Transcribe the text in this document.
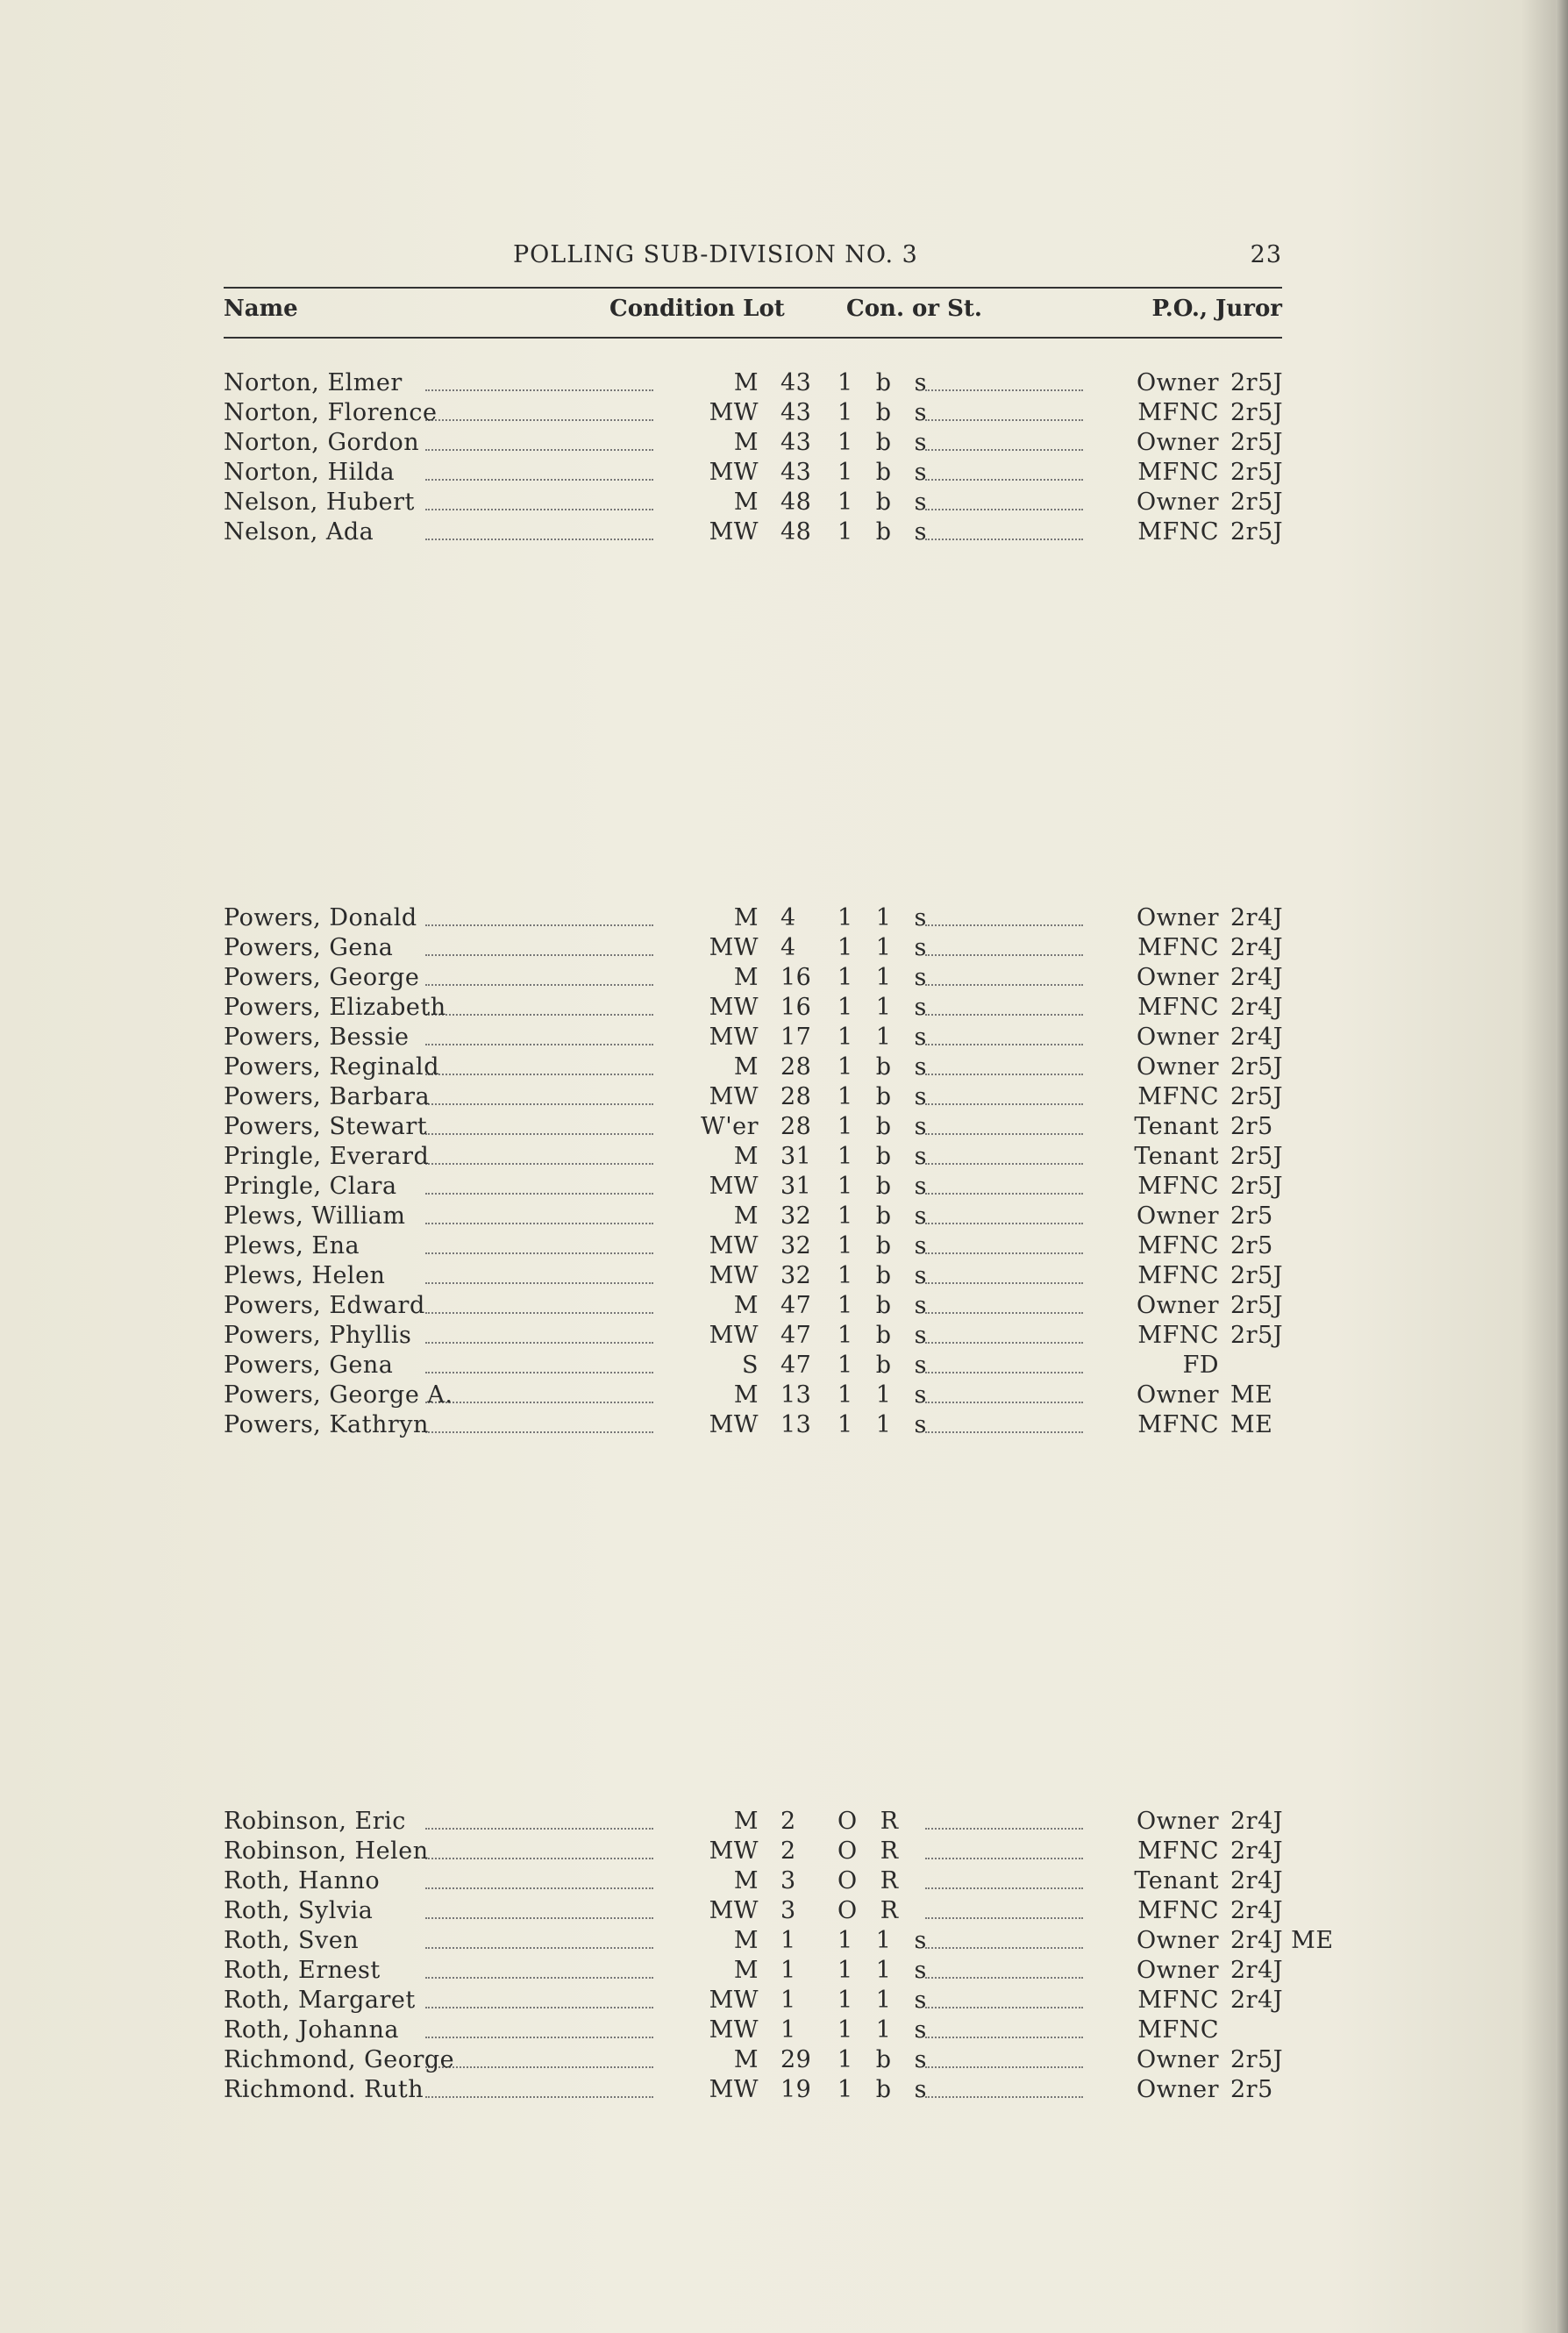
POLLING SUB-DIVISION NO. 3	23
Name	Condition Lot	Con. or St.	P.O., Juror
Norton, Elmer	M 43	1 b s	Owner 2r5J
Norton, Florence	MW 43	1 b s	MFNC 2r5J
Norton, Gordon	M 43	1 b s	Owner 2r5J
Norton, Hilda	MW 43	1 b s	MFNC 2r5J
Nelson, Hubert	M 48	1 b s	Owner 2r5J
Nelson, Ada	MW 48	1 b s	MFNC 2r5J
Powers, Donald	M 4	1 1 s	Owner 2r4J
Powers, Gena	MW 4	1 1 s	MFNC 2r4J
Powers, George	M 16	1 1 s	Owner 2r4J
Powers, Elizabeth	MW 16	1 1 s	MFNC 2r4J
Powers, Bessie	MW 17	1 1 s	Owner 2r4J
Powers, Reginald	M 28	1 b s	Owner 2r5J
Powers, Barbara	MW 28	1 b s	MFNC 2r5J
Powers, Stewart	W'er 28	1 b s	Tenant 2r5
Pringle, Everard	M 31	1 b s	Tenant 2r5J
Pringle, Clara	MW 31	1 b s	MFNC 2r5J
Plews, William	M 32	1 b s	Owner 2r5
Plews, Ena	MW 32	1 b s	MFNC 2r5
Plews, Helen	MW 32	1 b s	MFNC 2r5J
Powers, Edward	M 47	1 b s	Owner 2r5J
Powers, Phyllis	MW 47	1 b s	MFNC 2r5J
Powers, Gena	S 47	1 b s	FD
Powers, George A.	M 13	1 1 s	Owner ME
Powers, Kathryn	MW 13	1 1 s	MFNC ME
Robinson, Eric	M 2	O R	Owner 2r4J
Robinson, Helen	MW 2	O R	MFNC 2r4J
Roth, Hanno	M 3	O R	Tenant 2r4J
Roth, Sylvia	MW 3	O R	MFNC 2r4J
Roth, Sven	M 1	1 1 s	Owner 2r4J ME
Roth, Ernest	M 1	1 1 s	Owner 2r4J
Roth, Margaret	MW 1	1 1 s	MFNC 2r4J
Roth, Johanna	MW 1	1 1 s	MFNC
Richmond, George	M 29	1 b s	Owner 2r5J
Richmond. Ruth	MW 19	1 b s	Owner 2r5
